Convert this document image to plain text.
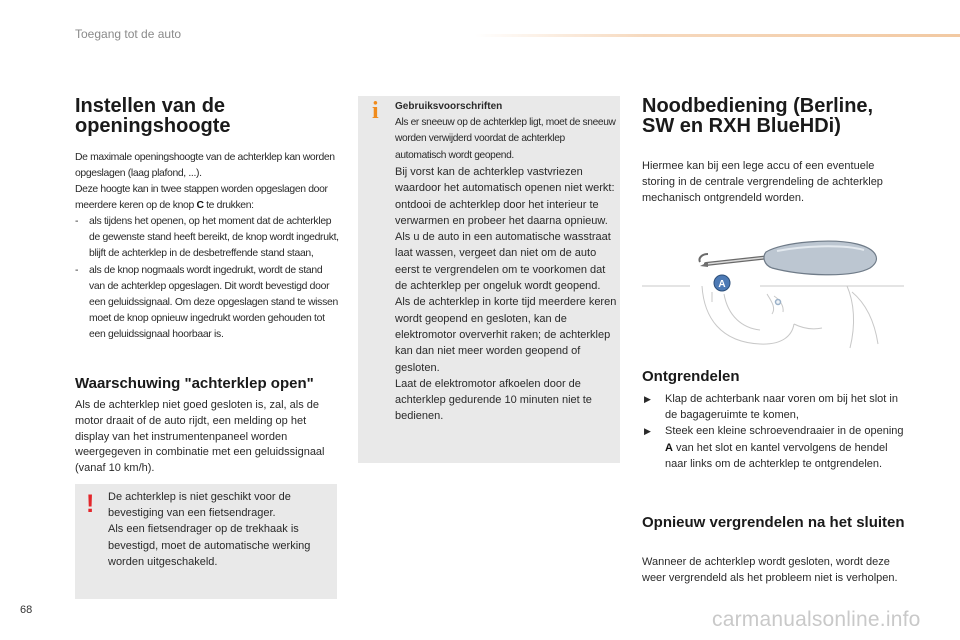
Toegang tot de auto
Instellen van de openingshoogte
De maximale openingshoogte van de achterklep kan worden opgeslagen (laag plafond, ...).
Deze hoogte kan in twee stappen worden opgeslagen door meerdere keren op de knop C te drukken:
- als tijdens het openen, op het moment dat de achterklep de gewenste stand heeft bereikt, de knop wordt ingedrukt, blijft de achterklep in de desbetreffende stand staan,
- als de knop nogmaals wordt ingedrukt, wordt de stand van de achterklep opgeslagen. Dit wordt bevestigd door een geluidssignaal. Om deze opgeslagen stand te wissen moet de knop opnieuw ingedrukt worden gehouden tot een geluidssignaal hoorbaar is.
Waarschuwing "achterklep open"
Als de achterklep niet goed gesloten is, zal, als de motor draait of de auto rijdt, een melding op het display van het instrumentenpaneel worden weergegeven in combinatie met een geluidssignaal (vanaf 10 km/h).
! De achterklep is niet geschikt voor de bevestiging van een fietsendrager.
Als een fietsendrager op de trekhaak is bevestigd, moet de automatische werking worden uitgeschakeld.
i Gebruiksvoorschriften
Als er sneeuw op de achterklep ligt, moet de sneeuw worden verwijderd voordat de achterklep automatisch wordt geopend.
Bij vorst kan de achterklep vastvriezen waardoor het automatisch openen niet werkt: ontdooi de achterklep door het interieur te verwarmen en probeer het daarna opnieuw.
Als u de auto in een automatische wasstraat laat wassen, vergeet dan niet om de auto eerst te vergrendelen om te voorkomen dat de achterklep per ongeluk wordt geopend.
Als de achterklep in korte tijd meerdere keren wordt geopend en gesloten, kan de elektromotor oververhit raken; de achterklep kan dan niet meer worden geopend of gesloten.
Laat de elektromotor afkoelen door de achterklep gedurende 10 minuten niet te bedienen.
Noodbediening (Berline, SW en RXH BlueHDi)
Hiermee kan bij een lege accu of een eventuele storing in de centrale vergrendeling de achterklep mechanisch ontgrendeld worden.
A
Ontgrendelen
▶ Klap de achterbank naar voren om bij het slot in de bagageruimte te komen,
▶ Steek een kleine schroevendraaier in de opening A van het slot en kantel vervolgens de hendel naar links om de achterklep te ontgrendelen.
Opnieuw vergrendelen na het sluiten
Wanneer de achterklep wordt gesloten, wordt deze weer vergrendeld als het probleem niet is verholpen.
68	carmanualsonline.info
